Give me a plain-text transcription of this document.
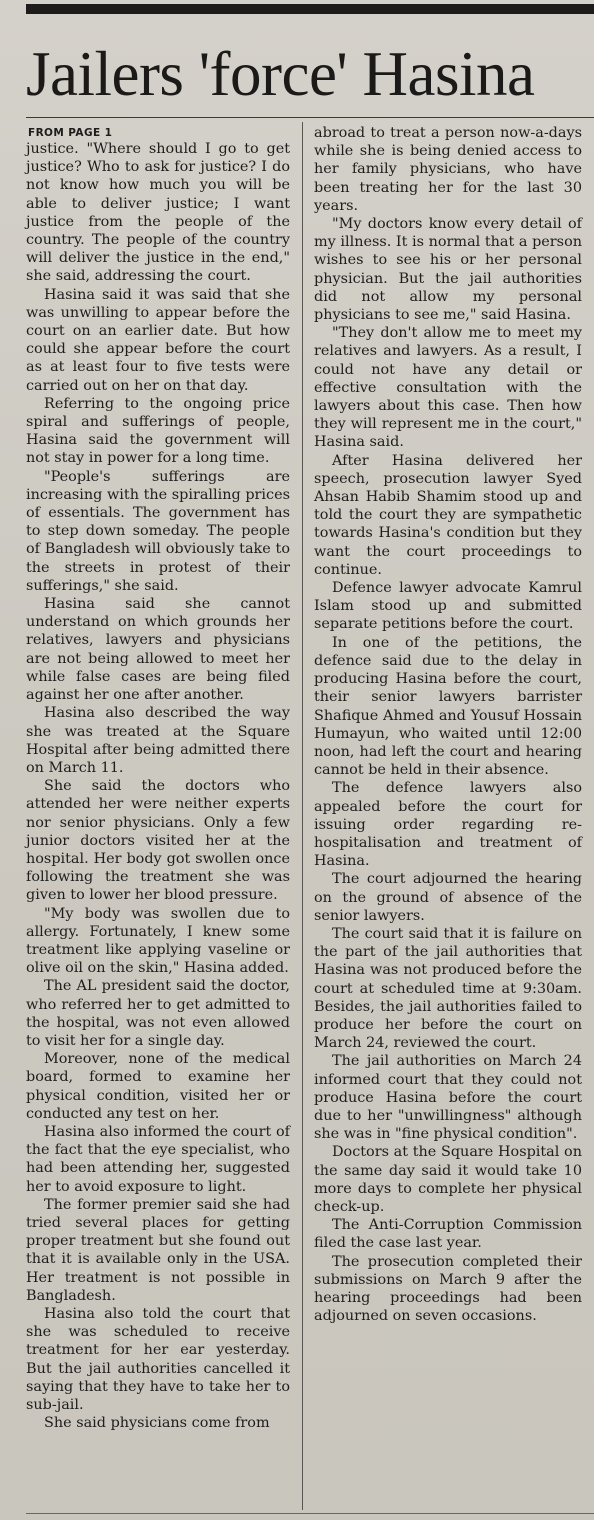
Jailers 'force' Hasina
FROM PAGE 1

justice. "Where should I go to get justice? Who to ask for justice? I do not know how much you will be able to deliver justice; I want justice from the people of the country. The people of the country will deliver the justice in the end," she said, addressing the court.

Hasina said it was said that she was unwilling to appear before the court on an earlier date. But how could she appear before the court as at least four to five tests were carried out on her on that day.

Referring to the ongoing price spiral and sufferings of people, Hasina said the government will not stay in power for a long time.

"People's sufferings are increasing with the spiralling prices of essentials. The government has to step down someday. The people of Bangladesh will obviously take to the streets in protest of their sufferings," she said.

Hasina said she cannot understand on which grounds her relatives, lawyers and physicians are not being allowed to meet her while false cases are being filed against her one after another.

Hasina also described the way she was treated at the Square Hospital after being admitted there on March 11.

She said the doctors who attended her were neither experts nor senior physicians. Only a few junior doctors visited her at the hospital. Her body got swollen once following the treatment she was given to lower her blood pressure.

"My body was swollen due to allergy. Fortunately, I knew some treatment like applying vaseline or olive oil on the skin," Hasina added.

The AL president said the doctor, who referred her to get admitted to the hospital, was not even allowed to visit her for a single day.

Moreover, none of the medical board, formed to examine her physical condition, visited her or conducted any test on her.

Hasina also informed the court of the fact that the eye specialist, who had been attending her, suggested her to avoid exposure to light.

The former premier said she had tried several places for getting proper treatment but she found out that it is available only in the USA. Her treatment is not possible in Bangladesh.

Hasina also told the court that she was scheduled to receive treatment for her ear yesterday. But the jail authorities cancelled it saying that they have to take her to sub-jail.

She said physicians come from

abroad to treat a person now-a-days while she is being denied access to her family physicians, who have been treating her for the last 30 years.

"My doctors know every detail of my illness. It is normal that a person wishes to see his or her personal physician. But the jail authorities did not allow my personal physicians to see me," said Hasina.

"They don't allow me to meet my relatives and lawyers. As a result, I could not have any detail or effective consultation with the lawyers about this case. Then how they will represent me in the court," Hasina said.

After Hasina delivered her speech, prosecution lawyer Syed Ahsan Habib Shamim stood up and told the court they are sympathetic towards Hasina's condition but they want the court proceedings to continue.

Defence lawyer advocate Kamrul Islam stood up and submitted separate petitions before the court.

In one of the petitions, the defence said due to the delay in producing Hasina before the court, their senior lawyers barrister Shafique Ahmed and Yousuf Hossain Humayun, who waited until 12:00 noon, had left the court and hearing cannot be held in their absence.

The defence lawyers also appealed before the court for issuing order regarding re-hospitalisation and treatment of Hasina.

The court adjourned the hearing on the ground of absence of the senior lawyers.

The court said that it is failure on the part of the jail authorities that Hasina was not produced before the court at scheduled time at 9:30am. Besides, the jail authorities failed to produce her before the court on March 24, reviewed the court.

The jail authorities on March 24 informed court that they could not produce Hasina before the court due to her "unwillingness" although she was in "fine physical condition".

Doctors at the Square Hospital on the same day said it would take 10 more days to complete her physical check-up.

The Anti-Corruption Commission filed the case last year.

The prosecution completed their submissions on March 9 after the hearing proceedings had been adjourned on seven occasions.
